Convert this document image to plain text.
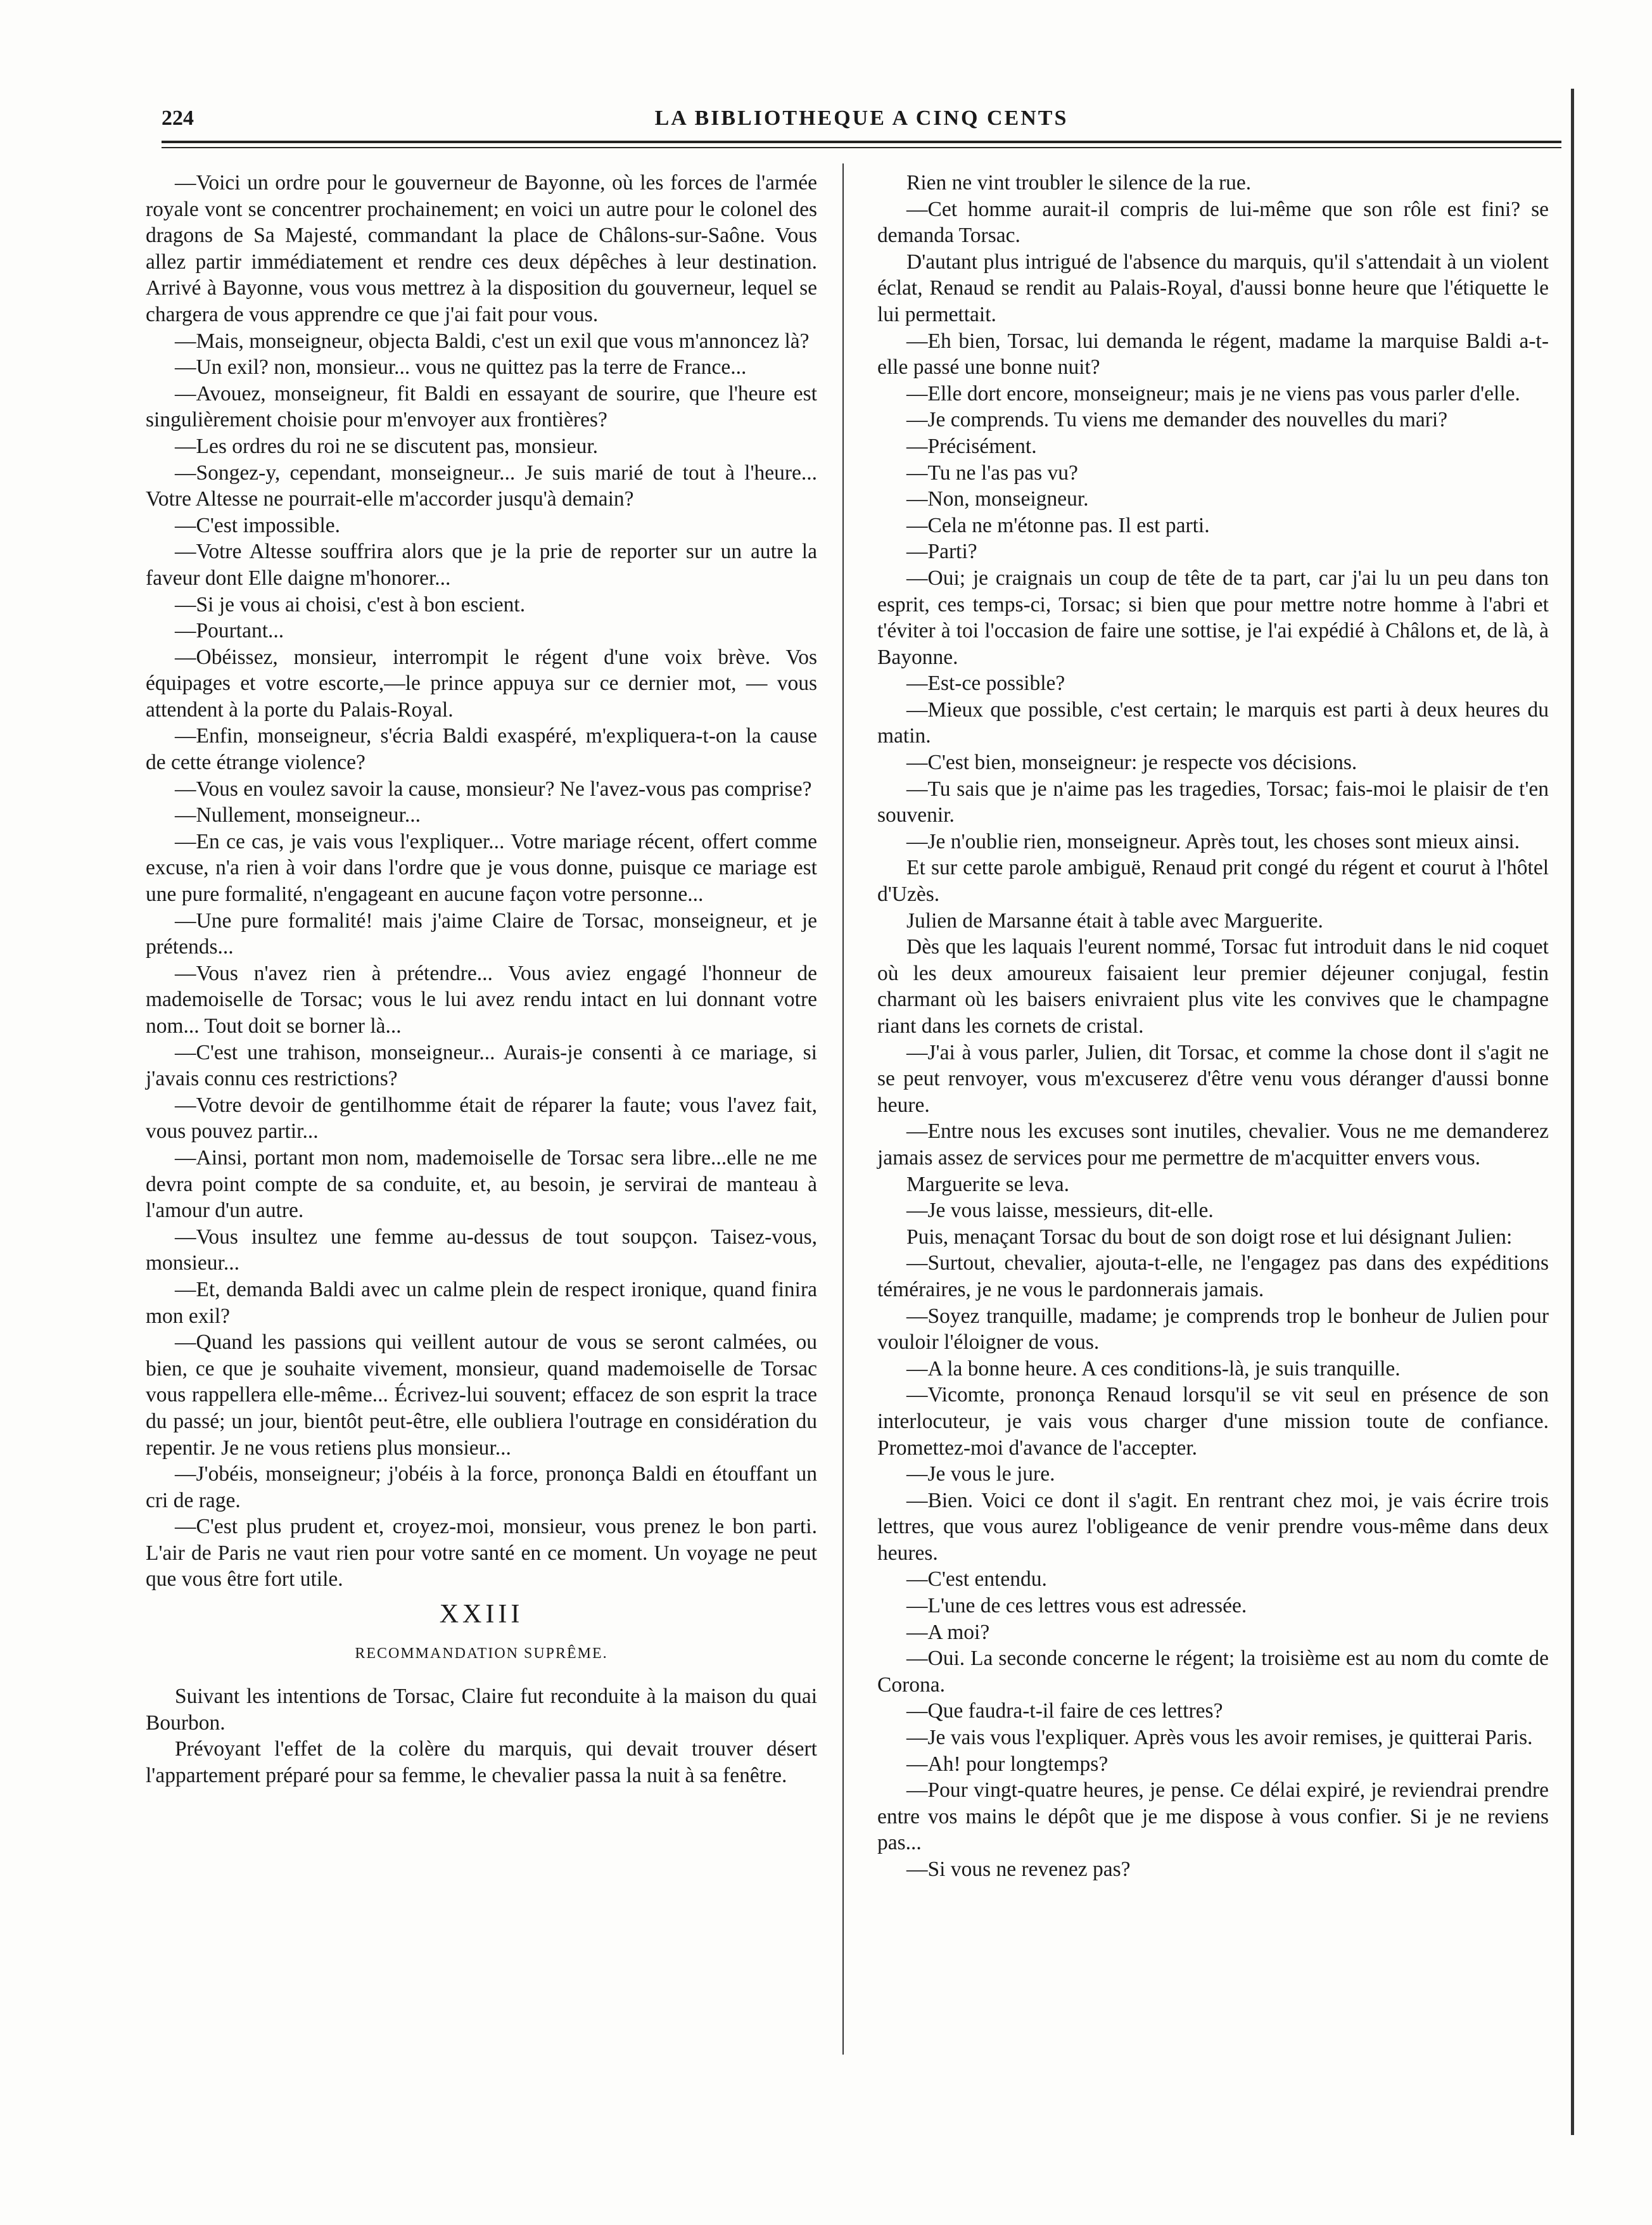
224	LA BIBLIOTHEQUE A CINQ CENTS

—Voici un ordre pour le gouverneur de Bayonne, où les forces de l'armée royale vont se concentrer prochainement; en voici un autre pour le colonel des dragons de Sa Majesté, commandant la place de Châlons-sur-Saône. Vous allez partir immédiatement et rendre ces deux dépêches à leur destination. Arrivé à Bayonne, vous vous mettrez à la disposition du gouverneur, lequel se chargera de vous apprendre ce que j'ai fait pour vous.

—Mais, monseigneur, objecta Baldi, c'est un exil que vous m'annoncez là?

—Un exil? non, monsieur... vous ne quittez pas la terre de France...

—Avouez, monseigneur, fit Baldi en essayant de sourire, que l'heure est singulièrement choisie pour m'envoyer aux frontières?

—Les ordres du roi ne se discutent pas, monsieur.

—Songez-y, cependant, monseigneur... Je suis marié de tout à l'heure... Votre Altesse ne pourrait-elle m'accorder jusqu'à demain?

—C'est impossible.

—Votre Altesse souffrira alors que je la prie de reporter sur un autre la faveur dont Elle daigne m'honorer...

—Si je vous ai choisi, c'est à bon escient.

—Pourtant...

—Obéissez, monsieur, interrompit le régent d'une voix brève. Vos équipages et votre escorte,—le prince appuya sur ce dernier mot, — vous attendent à la porte du Palais-Royal.

—Enfin, monseigneur, s'écria Baldi exaspéré, m'expliquera-t-on la cause de cette étrange violence?

—Vous en voulez savoir la cause, monsieur? Ne l'avez-vous pas comprise?

—Nullement, monseigneur...

—En ce cas, je vais vous l'expliquer... Votre mariage récent, offert comme excuse, n'a rien à voir dans l'ordre que je vous donne, puisque ce mariage est une pure formalité, n'engageant en aucune façon votre personne...

—Une pure formalité! mais j'aime Claire de Torsac, monseigneur, et je prétends...

—Vous n'avez rien à prétendre... Vous aviez engagé l'honneur de mademoiselle de Torsac; vous le lui avez rendu intact en lui donnant votre nom... Tout doit se borner là...

—C'est une trahison, monseigneur... Aurais-je consenti à ce mariage, si j'avais connu ces restrictions?

—Votre devoir de gentilhomme était de réparer la faute; vous l'avez fait, vous pouvez partir...

—Ainsi, portant mon nom, mademoiselle de Torsac sera libre...elle ne me devra point compte de sa conduite, et, au besoin, je servirai de manteau à l'amour d'un autre.

—Vous insultez une femme au-dessus de tout soupçon. Taisez-vous, monsieur...

—Et, demanda Baldi avec un calme plein de respect ironique, quand finira mon exil?

—Quand les passions qui veillent autour de vous se seront calmées, ou bien, ce que je souhaite vivement, monsieur, quand mademoiselle de Torsac vous rappellera elle-même... Écrivez-lui souvent; effacez de son esprit la trace du passé; un jour, bientôt peut-être, elle oubliera l'outrage en considération du repentir. Je ne vous retiens plus monsieur...

—J'obéis, monseigneur; j'obéis à la force, prononça Baldi en étouffant un cri de rage.

—C'est plus prudent et, croyez-moi, monsieur, vous prenez le bon parti. L'air de Paris ne vaut rien pour votre santé en ce moment. Un voyage ne peut que vous être fort utile.

XXIII
RECOMMANDATION SUPRÊME.

Suivant les intentions de Torsac, Claire fut reconduite à la maison du quai Bourbon.

Prévoyant l'effet de la colère du marquis, qui devait trouver désert l'appartement préparé pour sa femme, le chevalier passa la nuit à sa fenêtre.

Rien ne vint troubler le silence de la rue.

—Cet homme aurait-il compris de lui-même que son rôle est fini? se demanda Torsac.

D'autant plus intrigué de l'absence du marquis, qu'il s'attendait à un violent éclat, Renaud se rendit au Palais-Royal, d'aussi bonne heure que l'étiquette le lui permettait.

—Eh bien, Torsac, lui demanda le régent, madame la marquise Baldi a-t-elle passé une bonne nuit?

—Elle dort encore, monseigneur; mais je ne viens pas vous parler d'elle.

—Je comprends. Tu viens me demander des nouvelles du mari?

—Précisément.

—Tu ne l'as pas vu?

—Non, monseigneur.

—Cela ne m'étonne pas. Il est parti.

—Parti?

—Oui; je craignais un coup de tête de ta part, car j'ai lu un peu dans ton esprit, ces temps-ci, Torsac; si bien que pour mettre notre homme à l'abri et t'éviter à toi l'occasion de faire une sottise, je l'ai expédié à Châlons et, de là, à Bayonne.

—Est-ce possible?

—Mieux que possible, c'est certain; le marquis est parti à deux heures du matin.

—C'est bien, monseigneur: je respecte vos décisions.

—Tu sais que je n'aime pas les tragedies, Torsac; fais-moi le plaisir de t'en souvenir.

—Je n'oublie rien, monseigneur. Après tout, les choses sont mieux ainsi.

Et sur cette parole ambiguë, Renaud prit congé du régent et courut à l'hôtel d'Uzès.

Julien de Marsanne était à table avec Marguerite.

Dès que les laquais l'eurent nommé, Torsac fut introduit dans le nid coquet où les deux amoureux faisaient leur premier déjeuner conjugal, festin charmant où les baisers enivraient plus vite les convives que le champagne riant dans les cornets de cristal.

—J'ai à vous parler, Julien, dit Torsac, et comme la chose dont il s'agit ne se peut renvoyer, vous m'excuserez d'être venu vous déranger d'aussi bonne heure.

—Entre nous les excuses sont inutiles, chevalier. Vous ne me demanderez jamais assez de services pour me permettre de m'acquitter envers vous.

Marguerite se leva.

—Je vous laisse, messieurs, dit-elle.

Puis, menaçant Torsac du bout de son doigt rose et lui désignant Julien:

—Surtout, chevalier, ajouta-t-elle, ne l'engagez pas dans des expéditions téméraires, je ne vous le pardonnerais jamais.

—Soyez tranquille, madame; je comprends trop le bonheur de Julien pour vouloir l'éloigner de vous.

—A la bonne heure. A ces conditions-là, je suis tranquille.

—Vicomte, prononça Renaud lorsqu'il se vit seul en présence de son interlocuteur, je vais vous charger d'une mission toute de confiance. Promettez-moi d'avance de l'accepter.

—Je vous le jure.

—Bien. Voici ce dont il s'agit. En rentrant chez moi, je vais écrire trois lettres, que vous aurez l'obligeance de venir prendre vous-même dans deux heures.

—C'est entendu.

—L'une de ces lettres vous est adressée.

—A moi?

—Oui. La seconde concerne le régent; la troisième est au nom du comte de Corona.

—Que faudra-t-il faire de ces lettres?

—Je vais vous l'expliquer. Après vous les avoir remises, je quitterai Paris.

—Ah! pour longtemps?

—Pour vingt-quatre heures, je pense. Ce délai expiré, je reviendrai prendre entre vos mains le dépôt que je me dispose à vous confier. Si je ne reviens pas...

—Si vous ne revenez pas?
